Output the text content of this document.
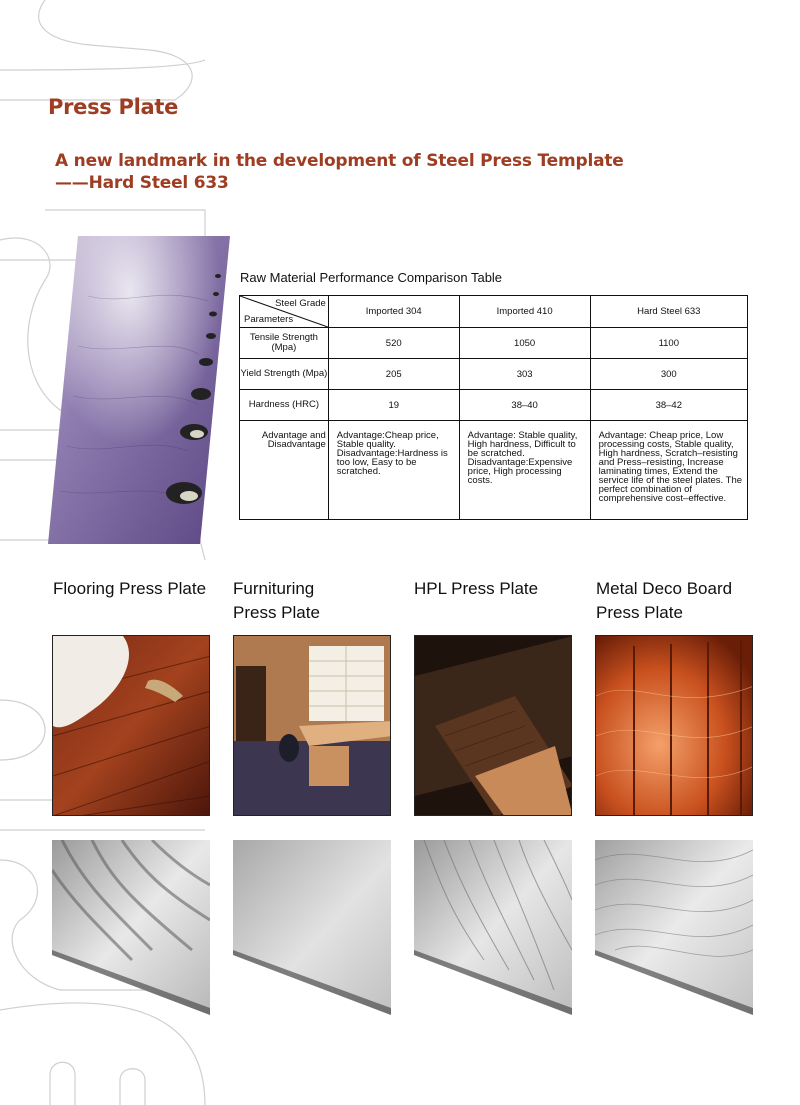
Press Plate
A new landmark in the development of Steel Press Template
——Hard Steel 633
Raw Material Performance Comparison Table
Steel Grade
Parameters	Imported 304	Imported 410	Hard Steel 633
Tensile Strength (Mpa)	520	1050	1100
Yield Strength (Mpa)	205	303	300
Hardness (HRC)	19	38–40	38–42
Advantage and Disadvantage	Advantage:Cheap price, Stable quality. Disadvantage:Hardness is too low, Easy to be scratched.	Advantage: Stable quality, High hardness, Difficult to be scratched. Disadvantage:Expensive price, High processing costs.	Advantage: Cheap price, Low processing costs, Stable quality, High hardness, Scratch–resisting and Press–resisting, Increase laminating times, Extend the service life of the steel plates. The perfect combination of comprehensive cost–effective.
Flooring Press Plate Furnituring
Press Plate
HPL Press Plate	Metal Deco Board
Press Plate
